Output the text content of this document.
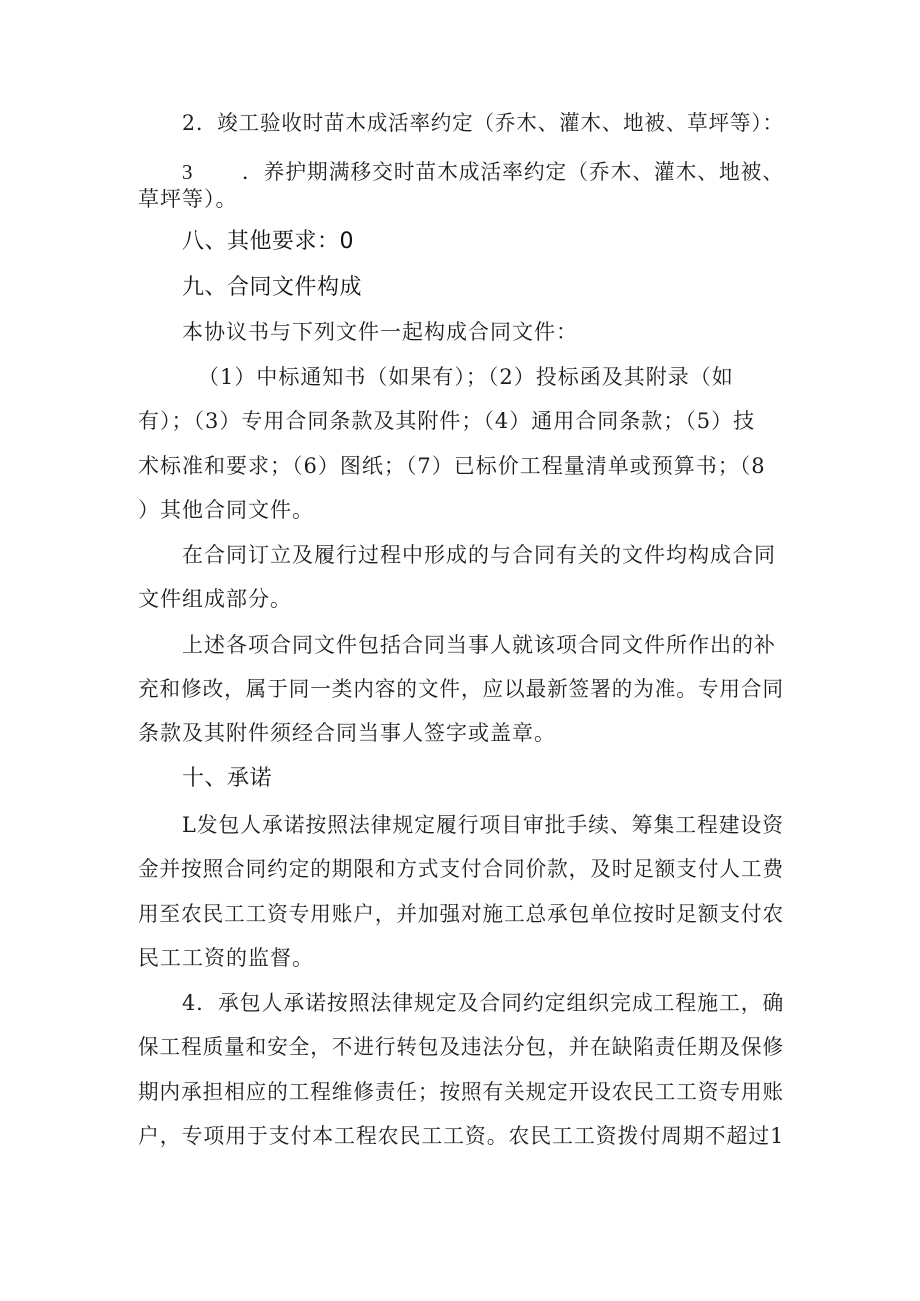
2．竣工验收时苗木成活率约定（乔木、灌木、地被、草坪等）：
3 ．养护期满移交时苗木成活率约定（乔木、灌木、地被、
草坪等）。
八、其他要求：0
九、合同文件构成
本协议书与下列文件一起构成合同文件：
（1）中标通知书（如果有）；（2）投标函及其附录（如
有）；（3）专用合同条款及其附件；（4）通用合同条款；（5）技
术标准和要求；（6）图纸；（7）已标价工程量清单或预算书；（8
）其他合同文件。
在合同订立及履行过程中形成的与合同有关的文件均构成合同
文件组成部分。
上述各项合同文件包括合同当事人就该项合同文件所作出的补
充和修改，属于同一类内容的文件，应以最新签署的为准。专用合同
条款及其附件须经合同当事人签字或盖章。
十、承诺
L发包人承诺按照法律规定履行项目审批手续、筹集工程建设资
金并按照合同约定的期限和方式支付合同价款，及时足额支付人工费
用至农民工工资专用账户，并加强对施工总承包单位按时足额支付农
民工工资的监督。
4．承包人承诺按照法律规定及合同约定组织完成工程施工，确
保工程质量和安全，不进行转包及违法分包，并在缺陷责任期及保修
期内承担相应的工程维修责任；按照有关规定开设农民工工资专用账
户，专项用于支付本工程农民工工资。农民工工资拨付周期不超过1
